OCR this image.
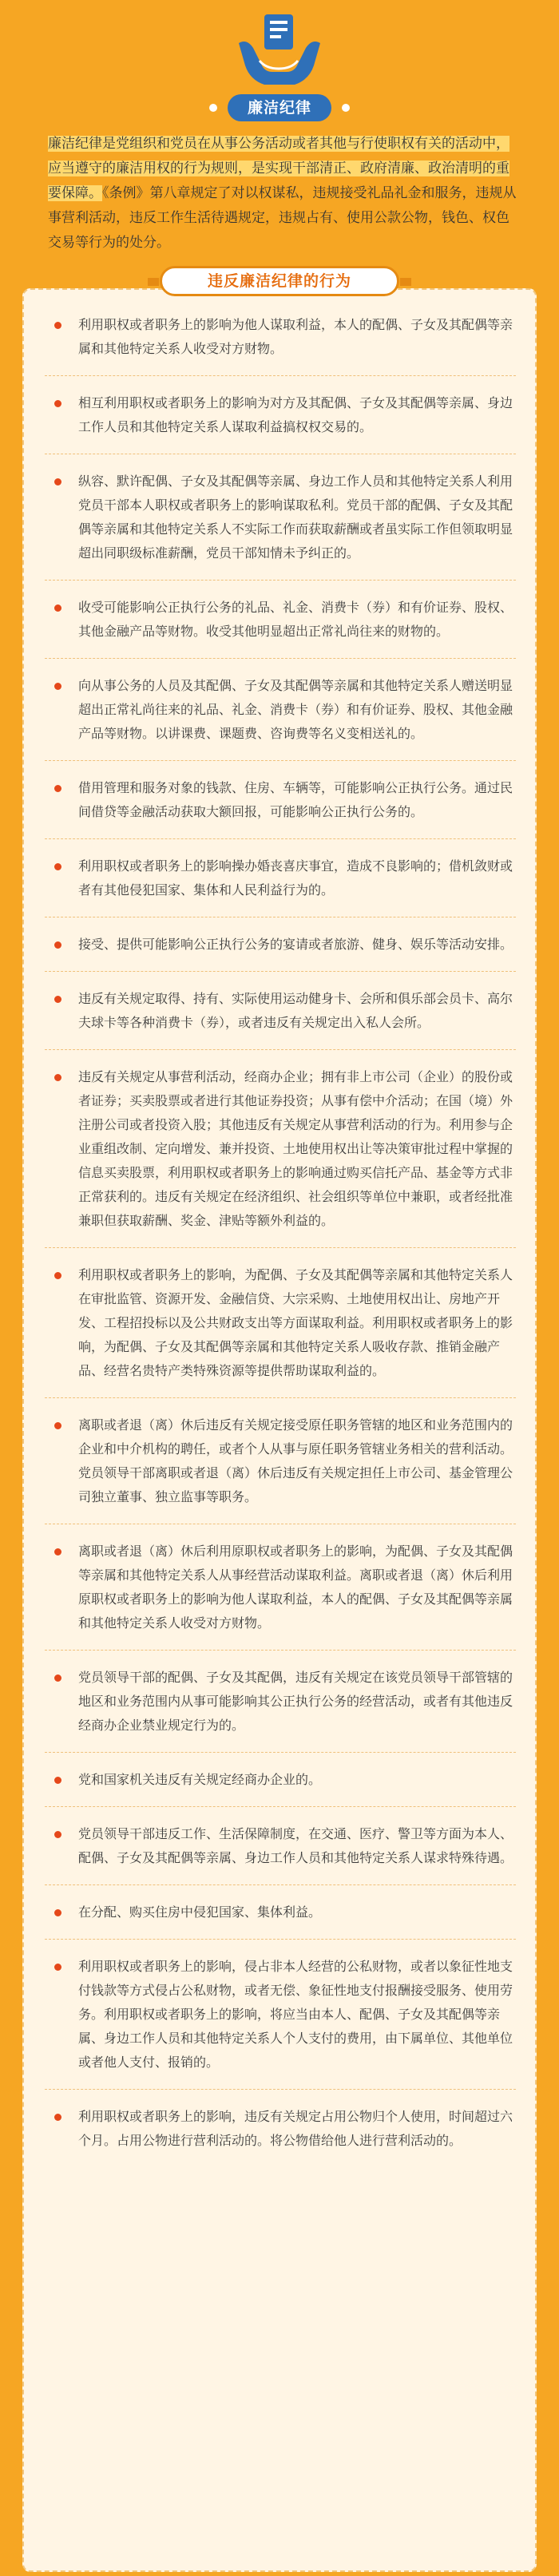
廉洁纪律

廉洁纪律是党组织和党员在从事公务活动或者其他与行使职权有关的活动中，应当遵守的廉洁用权的行为规则，是实现干部清正、政府清廉、政治清明的重要保障。《条例》第八章规定了对以权谋私，违规接受礼品礼金和服务，违规从事营利活动，违反工作生活待遇规定，违规占有、使用公款公物，钱色、权色交易等行为的处分。

违反廉洁纪律的行为
利用职权或者职务上的影响为他人谋取利益，本人的配偶、子女及其配偶等亲属和其他特定关系人收受对方财物。
相互利用职权或者职务上的影响为对方及其配偶、子女及其配偶等亲属、身边工作人员和其他特定关系人谋取利益搞权权交易的。
纵容、默许配偶、子女及其配偶等亲属、身边工作人员和其他特定关系人利用党员干部本人职权或者职务上的影响谋取私利。党员干部的配偶、子女及其配偶等亲属和其他特定关系人不实际工作而获取薪酬或者虽实际工作但领取明显超出同职级标准薪酬，党员干部知情未予纠正的。
收受可能影响公正执行公务的礼品、礼金、消费卡（券）和有价证券、股权、其他金融产品等财物。收受其他明显超出正常礼尚往来的财物的。
向从事公务的人员及其配偶、子女及其配偶等亲属和其他特定关系人赠送明显超出正常礼尚往来的礼品、礼金、消费卡（券）和有价证券、股权、其他金融产品等财物。以讲课费、课题费、咨询费等名义变相送礼的。
借用管理和服务对象的钱款、住房、车辆等，可能影响公正执行公务。通过民间借贷等金融活动获取大额回报，可能影响公正执行公务的。
利用职权或者职务上的影响操办婚丧喜庆事宜，造成不良影响的；借机敛财或者有其他侵犯国家、集体和人民利益行为的。
接受、提供可能影响公正执行公务的宴请或者旅游、健身、娱乐等活动安排。
违反有关规定取得、持有、实际使用运动健身卡、会所和俱乐部会员卡、高尔夫球卡等各种消费卡（券），或者违反有关规定出入私人会所。
违反有关规定从事营利活动，经商办企业；拥有非上市公司（企业）的股份或者证券；买卖股票或者进行其他证券投资；从事有偿中介活动；在国（境）外注册公司或者投资入股；其他违反有关规定从事营利活动的行为。利用参与企业重组改制、定向增发、兼并投资、土地使用权出让等决策审批过程中掌握的信息买卖股票，利用职权或者职务上的影响通过购买信托产品、基金等方式非正常获利的。违反有关规定在经济组织、社会组织等单位中兼职，或者经批准兼职但获取薪酬、奖金、津贴等额外利益的。
利用职权或者职务上的影响，为配偶、子女及其配偶等亲属和其他特定关系人在审批监管、资源开发、金融信贷、大宗采购、土地使用权出让、房地产开发、工程招投标以及公共财政支出等方面谋取利益。利用职权或者职务上的影响，为配偶、子女及其配偶等亲属和其他特定关系人吸收存款、推销金融产品、经营名贵特产类特殊资源等提供帮助谋取利益的。
离职或者退（离）休后违反有关规定接受原任职务管辖的地区和业务范围内的企业和中介机构的聘任，或者个人从事与原任职务管辖业务相关的营利活动。党员领导干部离职或者退（离）休后违反有关规定担任上市公司、基金管理公司独立董事、独立监事等职务。
离职或者退（离）休后利用原职权或者职务上的影响，为配偶、子女及其配偶等亲属和其他特定关系人从事经营活动谋取利益。离职或者退（离）休后利用原职权或者职务上的影响为他人谋取利益，本人的配偶、子女及其配偶等亲属和其他特定关系人收受对方财物。
党员领导干部的配偶、子女及其配偶，违反有关规定在该党员领导干部管辖的地区和业务范围内从事可能影响其公正执行公务的经营活动，或者有其他违反经商办企业禁业规定行为的。
党和国家机关违反有关规定经商办企业的。
党员领导干部违反工作、生活保障制度，在交通、医疗、警卫等方面为本人、配偶、子女及其配偶等亲属、身边工作人员和其他特定关系人谋求特殊待遇。
在分配、购买住房中侵犯国家、集体利益。
利用职权或者职务上的影响，侵占非本人经营的公私财物，或者以象征性地支付钱款等方式侵占公私财物，或者无偿、象征性地支付报酬接受服务、使用劳务。利用职权或者职务上的影响，将应当由本人、配偶、子女及其配偶等亲属、身边工作人员和其他特定关系人个人支付的费用，由下属单位、其他单位或者他人支付、报销的。
利用职权或者职务上的影响，违反有关规定占用公物归个人使用，时间超过六个月。占用公物进行营利活动的。将公物借给他人进行营利活动的。
